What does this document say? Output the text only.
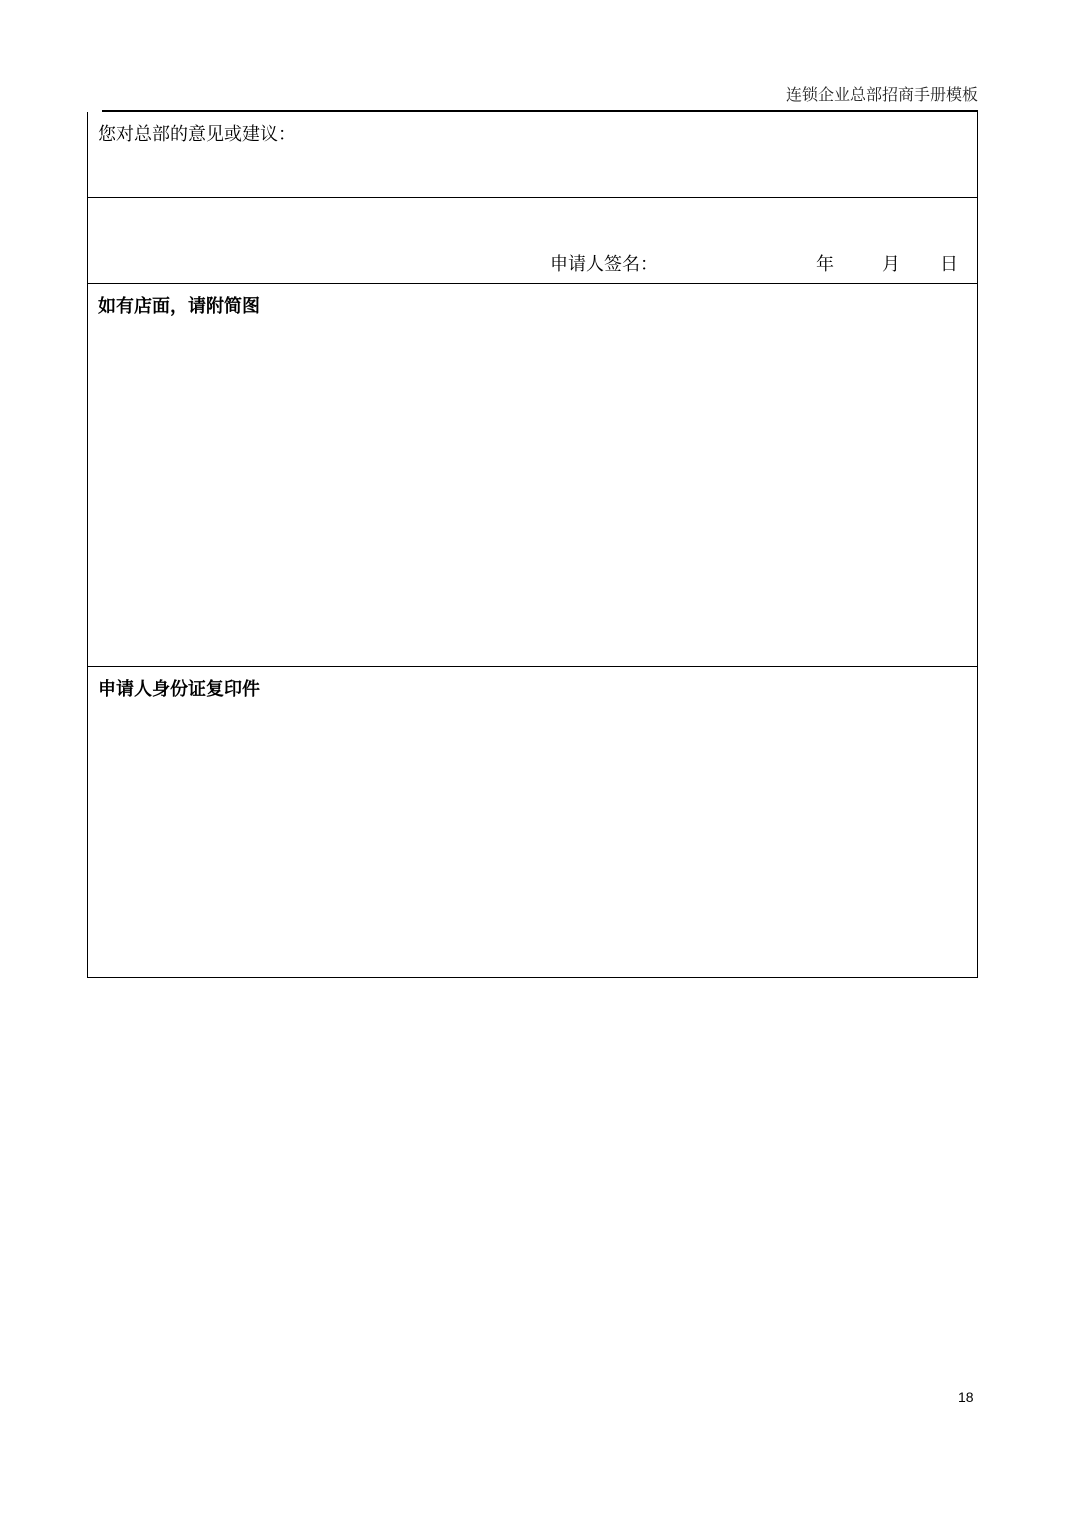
连锁企业总部招商手册模板
您对总部的意见或建议：
申请人签名：	年	月 日
如有店面，请附简图
申请人身份证复印件
18
